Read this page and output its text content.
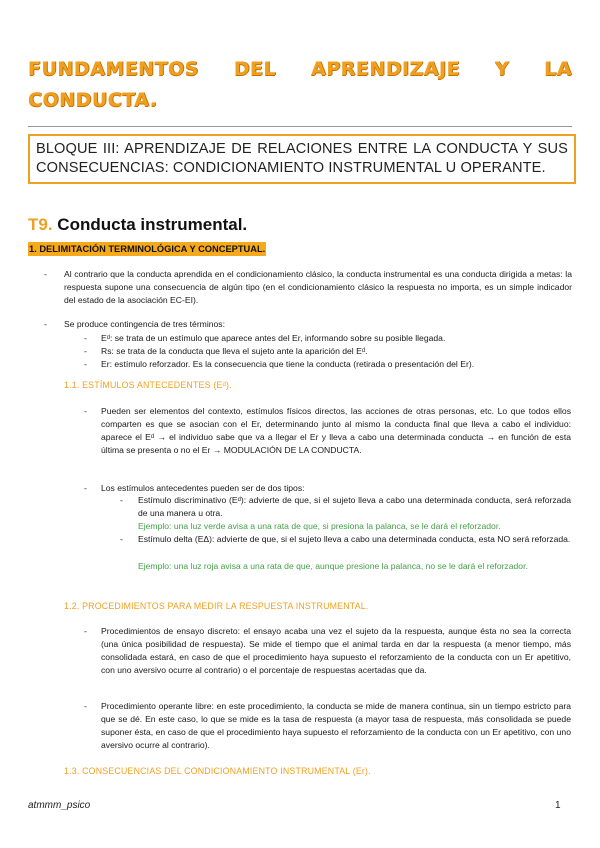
FUNDAMENTOS DEL APRENDIZAJE Y LA
CONDUCTA.
BLOQUE III: APRENDIZAJE DE RELACIONES ENTRE LA CONDUCTA Y SUS CONSECUENCIAS: CONDICIONAMIENTO INSTRUMENTAL U OPERANTE.
T9. Conducta instrumental.
1. DELIMITACIÓN TERMINOLÓGICA Y CONCEPTUAL.
- Al contrario que la conducta aprendida en el condicionamiento clásico, la conducta instrumental es una conducta dirigida a metas: la respuesta supone una consecuencia de algún tipo (en el condicionamiento clásico la respuesta no importa, es un simple indicador del estado de la asociación EC-EI).
- Se produce contingencia de tres términos:
- Eᵈ: se trata de un estímulo que aparece antes del Er, informando sobre su posible llegada.
- Rs: se trata de la conducta que lleva el sujeto ante la aparición del Eᵈ.
- Er: estímulo reforzador. Es la consecuencia que tiene la conducta (retirada o presentación del Er).
1.1. ESTÍMULOS ANTECEDENTES (Eᵈ).
- Pueden ser elementos del contexto, estímulos físicos directos, las acciones de otras personas, etc. Lo que todos ellos comparten es que se asocian con el Er, determinando junto al mismo la conducta final que lleva a cabo el individuo: aparece el Eᵈ → el individuo sabe que va a llegar el Er y lleva a cabo una determinada conducta → en función de esta última se presenta o no el Er → MODULACIÓN DE LA CONDUCTA.
- Los estímulos antecedentes pueden ser de dos tipos:
- Estímulo discriminativo (Eᵈ): advierte de que, si el sujeto lleva a cabo una determinada conducta, será reforzada de una manera u otra.
Ejemplo: una luz verde avisa a una rata de que, si presiona la palanca, se le dará el reforzador.
- Estímulo delta (EΔ): advierte de que, si el sujeto lleva a cabo una determinada conducta, esta NO será reforzada.
Ejemplo: una luz roja avisa a una rata de que, aunque presione la palanca, no se le dará el reforzador.
1.2. PROCEDIMIENTOS PARA MEDIR LA RESPUESTA INSTRUMENTAL.
- Procedimientos de ensayo discreto: el ensayo acaba una vez el sujeto da la respuesta, aunque ésta no sea la correcta (una única posibilidad de respuesta). Se mide el tiempo que el animal tarda en dar la respuesta (a menor tiempo, más consolidada estará, en caso de que el procedimiento haya supuesto el reforzamiento de la conducta con un Er apetitivo, con uno aversivo ocurre al contrario) o el porcentaje de respuestas acertadas que da.
- Procedimiento operante libre: en este procedimiento, la conducta se mide de manera continua, sin un tiempo estricto para que se dé. En este caso, lo que se mide es la tasa de respuesta (a mayor tasa de respuesta, más consolidada se puede suponer ésta, en caso de que el procedimiento haya supuesto el reforzamiento de la conducta con un Er apetitivo, con uno aversivo ocurre al contrario).
1.3. CONSECUENCIAS DEL CONDICIONAMIENTO INSTRUMENTAL (Er).
atmmm_psico	1
